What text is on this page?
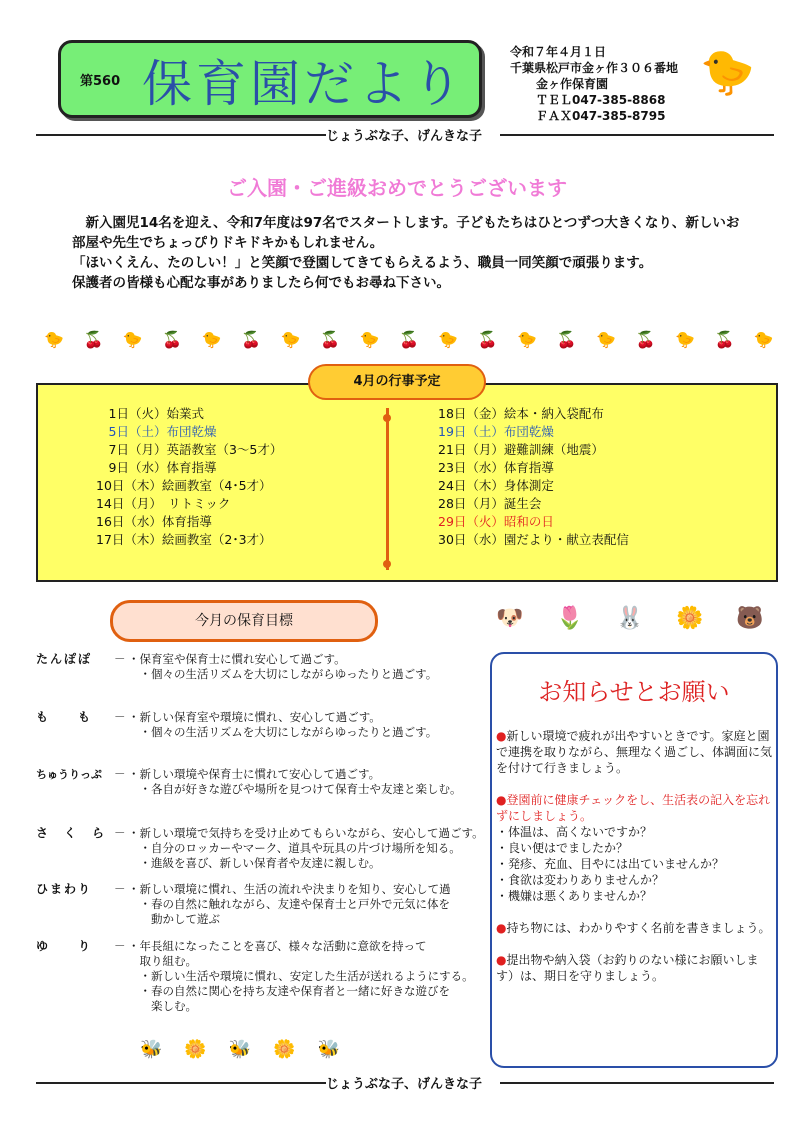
第560 保育園だより
令和７年４月１日
千葉県松戸市金ヶ作３０６番地
金ヶ作保育園
ＴＥＬ047-385-8868
ＦＡＸ047-385-8795
🐤
じょうぶな子、げんきな子
ご入園・ご進級おめでとうございます

　新入園児14名を迎え、令和7年度は97名でスタートします。子どもたちはひとつずつ大きくなり、新しいお

部屋や先生でちょっぴりドキドキかもしれません。

「ほいくえん、たのしい！」と笑顔で登園してきてもらえるよう、職員一同笑顔で頑張ります。

保護者の皆様も心配な事がありましたら何でもお尋ね下さい。

🐤 🍒 🐤 🍒 🐤 🍒 🐤 🍒 🐤 🍒 🐤 🍒 🐤 🍒 🐤 🍒 🐤 🍒 🐤
4月の行事予定
　1日（火）始業式
　5日（土）布団乾燥
　7日（月）英語教室（3～5才）
　9日（水）体育指導
10日（木）絵画教室（4･5才）
14日（月）　リトミック
16日（水）体育指導
17日（木）絵画教室（2･3才）
18日（金）絵本・納入袋配布
19日（土）布団乾燥
21日（月）避難訓練（地震）
23日（水）体育指導
24日（木）身体測定
28日（月）誕生会
29日（火）昭和の日
30日（水）園だより・献立表配信
今月の保育目標	🐶 🌷 🐰 🌼 🐻
たんぽぽ	－ ・保育室や保育士に慣れ安心して過ごす。
　・個々の生活リズムを大切にしながらゆったりと過ごす。
も　　も	－ ・新しい保育室や環境に慣れ、安心して過ごす。
　・個々の生活リズムを大切にしながらゆったりと過ごす。
ちゅうりっぷ	－ ・新しい環境や保育士に慣れて安心して過ごす。
　・各自が好きな遊びや場所を見つけて保育士や友達と楽しむ。
さ　く　ら － ・新しい環境で気持ちを受け止めてもらいながら、安心して過ごす。
　・自分のロッカーやマーク、道具や玩具の片づけ場所を知る。
　・進級を喜び、新しい保育者や友達に親しむ。
ひまわり	－ ・新しい環境に慣れ、生活の流れや決まりを知り、安心して過
　・春の自然に触れながら、友達や保育士と戸外で元気に体を
　　動かして遊ぶ
ゆ　　り	－ ・年長組になったことを喜び、様々な活動に意欲を持って
　取り組む。
　・新しい生活や環境に慣れ、安定した生活が送れるようにする。
　・春の自然に関心を持ち友達や保育者と一緒に好きな遊びを
　　楽しむ。
お知らせとお願い

●新しい環境で疲れが出やすいときです。家庭と園で連携を取りながら、無理なく過ごし、体調面に気を付けて行きましょう。

●登園前に健康チェックをし、生活表の記入を忘れずにしましょう。

・体温は、高くないですか？
・良い便はでましたか？
・発疹、充血、目やには出ていませんか？
・食欲は変わりありませんか？
・機嫌は悪くありませんか？

●持ち物には、わかりやすく名前を書きましょう。

●提出物や納入袋（お釣りのない様にお願いします）は、期日を守りましょう。

🐝 🌼 🐝 🌼 🐝
じょうぶな子、げんきな子
